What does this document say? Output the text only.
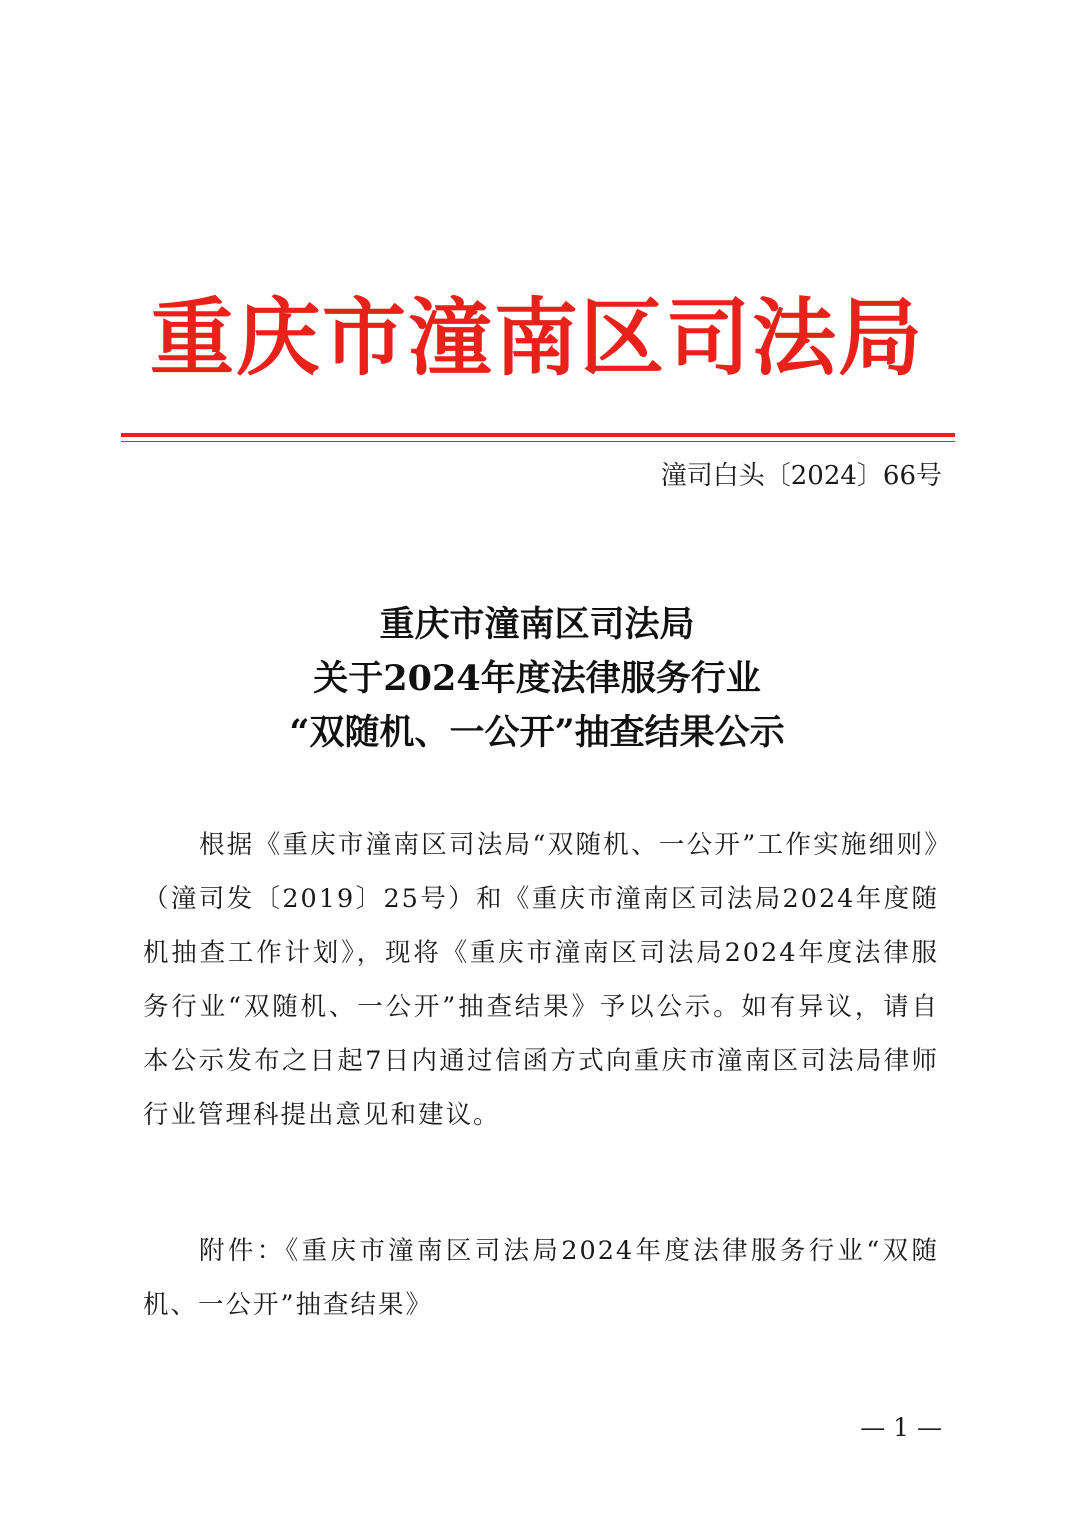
重庆市潼南区司法局
潼司白头〔2024〕66号
重庆市潼南区司法局
关于2024年度法律服务行业
“双随机、一公开”抽查结果公示
根据《重庆市潼南区司法局“双随机、一公开”工作实施细则》（潼司发〔2019〕25号）和《重庆市潼南区司法局2024年度随机抽查工作计划》，现将《重庆市潼南区司法局2024年度法律服务行业“双随机、一公开”抽查结果》予以公示。如有异议，请自本公示发布之日起7日内通过信函方式向重庆市潼南区司法局律师行业管理科提出意见和建议。
附件：《重庆市潼南区司法局2024年度法律服务行业“双随机、一公开”抽查结果》
— 1 —
